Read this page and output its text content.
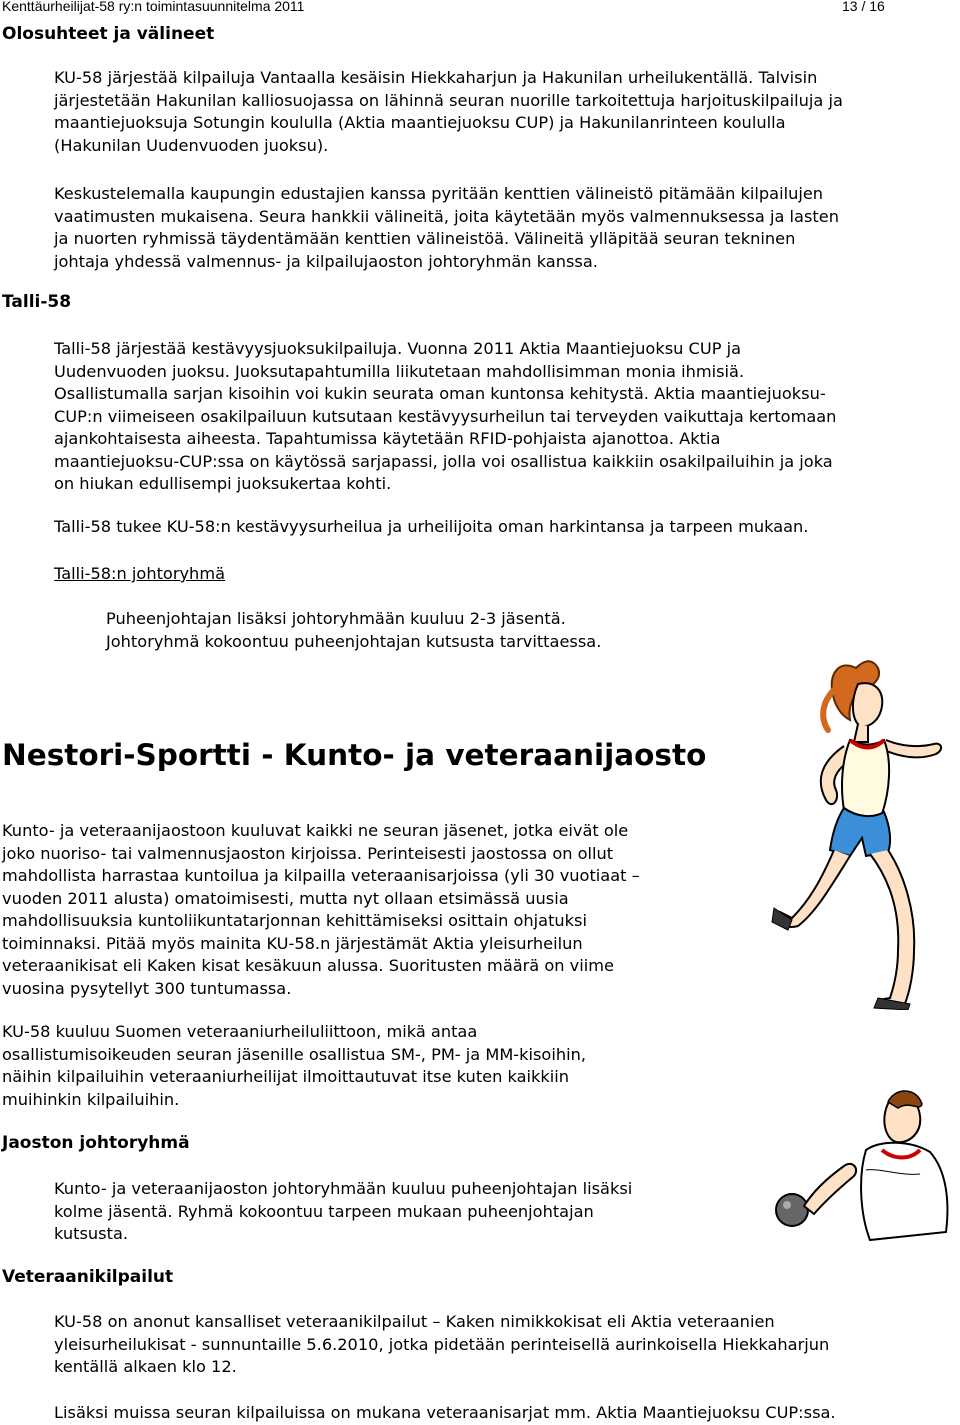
Kenttäurheilijat-58 ry:n toimintasuunnitelma 2011	13 / 16
Olosuhteet ja välineet

KU-58 järjestää kilpailuja Vantaalla kesäisin Hiekkaharjun ja Hakunilan urheilukentällä. Talvisin

järjestetään Hakunilan kalliosuojassa on lähinnä seuran nuorille tarkoitettuja harjoituskilpailuja ja

maantiejuoksuja Sotungin koululla (Aktia maantiejuoksu CUP) ja Hakunilanrinteen koululla

(Hakunilan Uudenvuoden juoksu).

Keskustelemalla kaupungin edustajien kanssa pyritään kenttien välineistö pitämään kilpailujen

vaatimusten mukaisena. Seura hankkii välineitä, joita käytetään myös valmennuksessa ja lasten

ja nuorten ryhmissä täydentämään kenttien välineistöä. Välineitä ylläpitää seuran tekninen

johtaja yhdessä valmennus- ja kilpailujaoston johtoryhmän kanssa.

Talli-58

Talli-58 järjestää kestävyysjuoksukilpailuja. Vuonna 2011 Aktia Maantiejuoksu CUP ja

Uudenvuoden juoksu. Juoksutapahtumilla liikutetaan mahdollisimman monia ihmisiä.

Osallistumalla sarjan kisoihin voi kukin seurata oman kuntonsa kehitystä. Aktia maantiejuoksu-

CUP:n viimeiseen osakilpailuun kutsutaan kestävyysurheilun tai terveyden vaikuttaja kertomaan

ajankohtaisesta aiheesta. Tapahtumissa käytetään RFID-pohjaista ajanottoa. Aktia

maantiejuoksu-CUP:ssa on käytössä sarjapassi, jolla voi osallistua kaikkiin osakilpailuihin ja joka

on hiukan edullisempi juoksukertaa kohti.

Talli-58 tukee KU-58:n kestävyysurheilua ja urheilijoita oman harkintansa ja tarpeen mukaan.

Talli-58:n johtoryhmä

Puheenjohtajan lisäksi johtoryhmään kuuluu 2-3 jäsentä.

Johtoryhmä kokoontuu puheenjohtajan kutsusta tarvittaessa.

Nestori-Sportti - Kunto- ja veteraanijaosto

Kunto- ja veteraanijaostoon kuuluvat kaikki ne seuran jäsenet, jotka eivät ole

joko nuoriso- tai valmennusjaoston kirjoissa. Perinteisesti jaostossa on ollut

mahdollista harrastaa kuntoilua ja kilpailla veteraanisarjoissa (yli 30 vuotiaat –

vuoden 2011 alusta) omatoimisesti, mutta nyt ollaan etsimässä uusia

mahdollisuuksia kuntoliikuntatarjonnan kehittämiseksi osittain ohjatuksi

toiminnaksi. Pitää myös mainita KU-58.n järjestämät Aktia yleisurheilun

veteraanikisat eli Kaken kisat kesäkuun alussa. Suoritusten määrä on viime

vuosina pysytellyt 300 tuntumassa.

KU-58 kuuluu Suomen veteraaniurheiluliittoon, mikä antaa

osallistumisoikeuden seuran jäsenille osallistua SM-, PM- ja MM-kisoihin,

näihin kilpailuihin veteraaniurheilijat ilmoittautuvat itse kuten kaikkiin

muihinkin kilpailuihin.

Jaoston johtoryhmä

Kunto- ja veteraanijaoston johtoryhmään kuuluu puheenjohtajan lisäksi

kolme jäsentä. Ryhmä kokoontuu tarpeen mukaan puheenjohtajan

kutsusta.

Veteraanikilpailut

KU-58 on anonut kansalliset veteraanikilpailut – Kaken nimikkokisat eli Aktia veteraanien

yleisurheilukisat - sunnuntaille 5.6.2010, jotka pidetään perinteisellä aurinkoisella Hiekkaharjun

kentällä alkaen klo 12.

Lisäksi muissa seuran kilpailuissa on mukana veteraanisarjat mm. Aktia Maantiejuoksu CUP:ssa.
